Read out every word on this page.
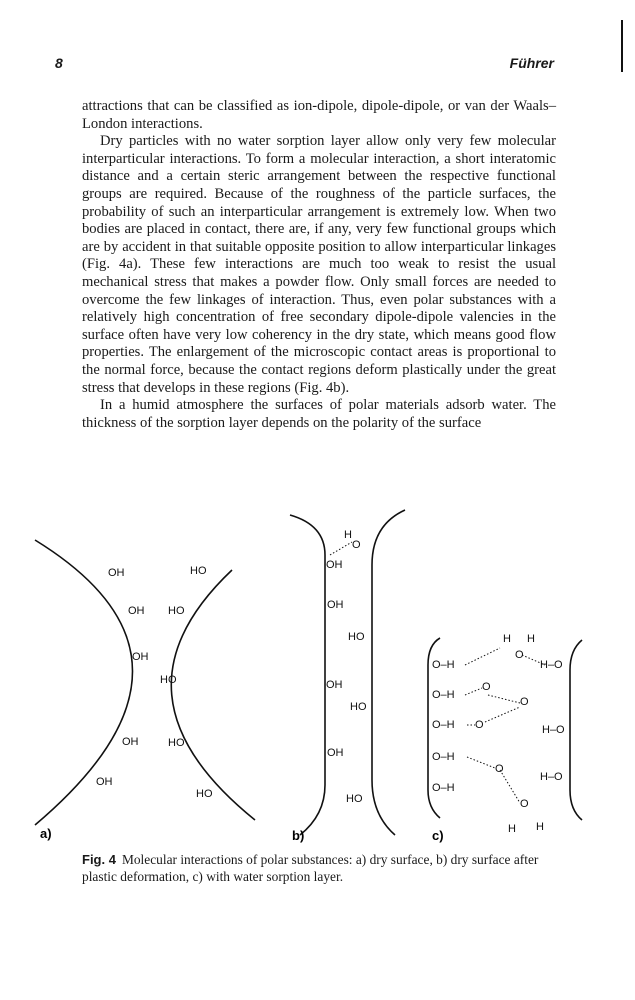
8	Führer

attractions that can be classified as ion-dipole, dipole-dipole, or van der Waals–London interactions.

Dry particles with no water sorption layer allow only very few molecular interparticular interactions. To form a molecular interaction, a short interatomic distance and a certain steric arrangement between the respective functional groups are required. Because of the roughness of the particle surfaces, the probability of such an interparticular arrangement is extremely low. When two bodies are placed in contact, there are, if any, very few functional groups which are by accident in that suitable opposite position to allow interparticular linkages (Fig. 4a). These few interactions are much too weak to resist the usual mechanical stress that makes a powder flow. Only small forces are needed to overcome the few linkages of interaction. Thus, even polar substances with a relatively high concentration of free secondary dipole-dipole valencies in the surface often have very low coherency in the dry state, which means good flow properties. The enlargement of the microscopic contact areas is proportional to the normal force, because the contact regions deform plastically under the great stress that develops in these regions (Fig. 4b).

In a humid atmosphere the surfaces of polar materials adsorb water. The thickness of the sorption layer depends on the polarity of the surface

OH	HO
OH HO
OH
HO
OH	HO
OH
HO
H
OH
O
OH
HO
OH
HO
OH
HO
O–H
O–H
O–H
O–H
O–H
H–O
H–O
H–O
H H
O
O
O
O
O
O
H H
a)	b)	c)
Fig. 4 Molecular interactions of polar substances: a) dry surface, b) dry surface after plastic deformation, c) with water sorption layer.
